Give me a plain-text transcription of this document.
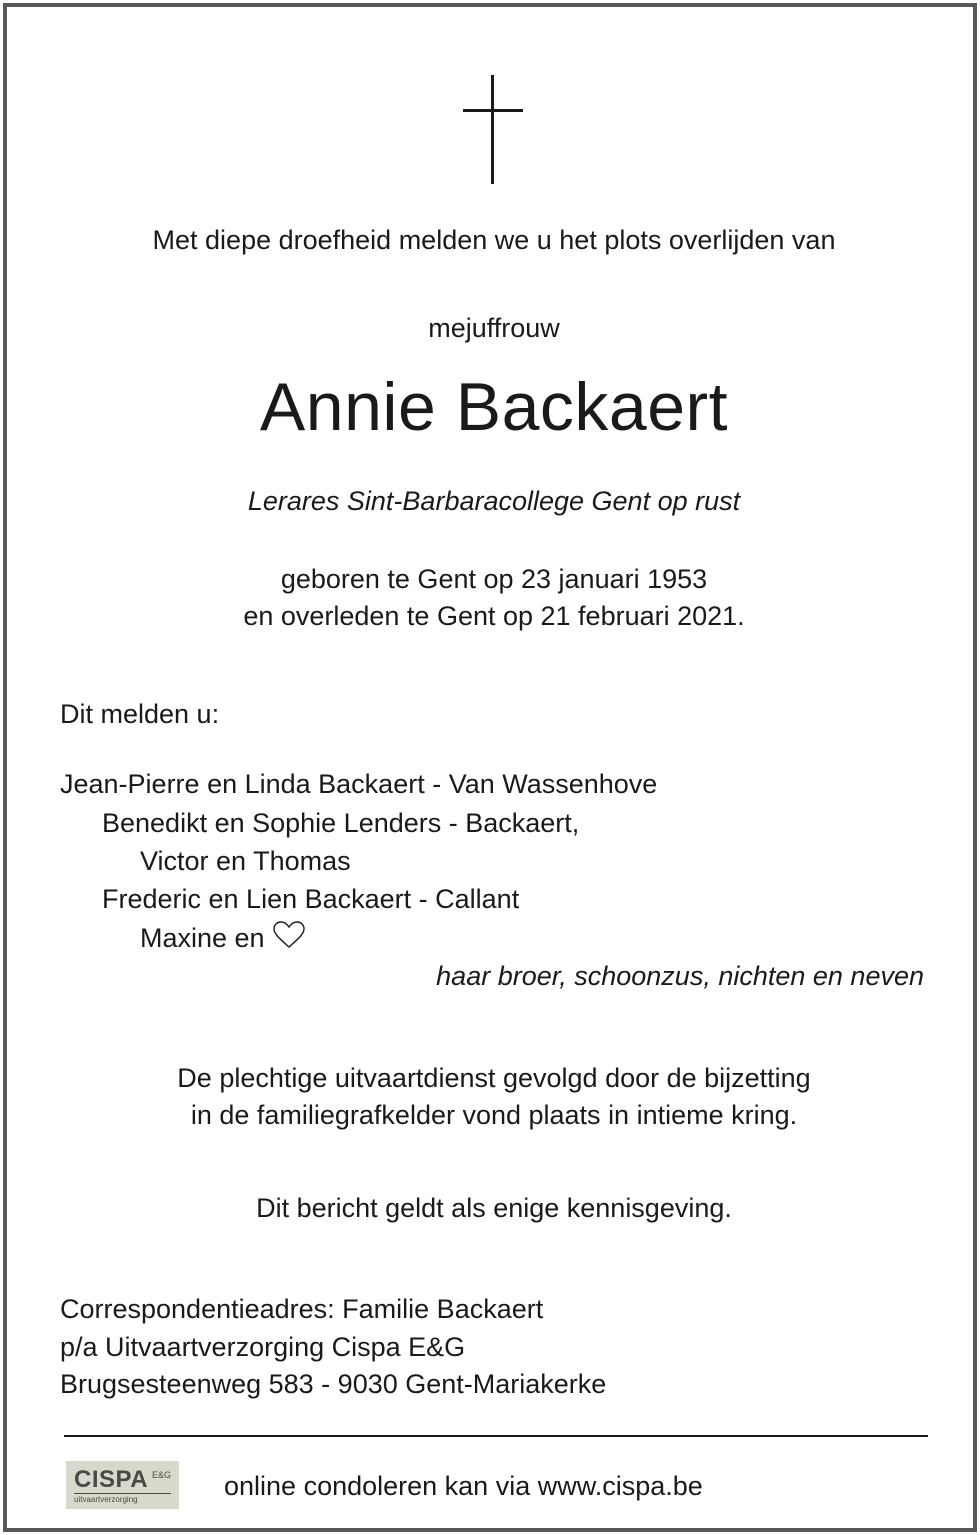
Met diepe droefheid melden we u het plots overlijden van
mejuffrouw
Annie Backaert
Lerares Sint-Barbaracollege Gent op rust
geboren te Gent op 23 januari 1953
en overleden te Gent op 21 februari 2021.
Dit melden u:
Jean-Pierre en Linda Backaert - Van Wassenhove
Benedikt en Sophie Lenders - Backaert,
Victor en Thomas
Frederic en Lien Backaert - Callant
Maxine en
haar broer, schoonzus, nichten en neven
De plechtige uitvaartdienst gevolgd door de bijzetting
in de familiegrafkelder vond plaats in intieme kring.
Dit bericht geldt als enige kennisgeving.
Correspondentieadres: Familie Backaert
p/a Uitvaartverzorging Cispa E&G
Brugsesteenweg 583 - 9030 Gent-Mariakerke
CISPA E&G
uitvaartverzorging	online condoleren kan via www.cispa.be
